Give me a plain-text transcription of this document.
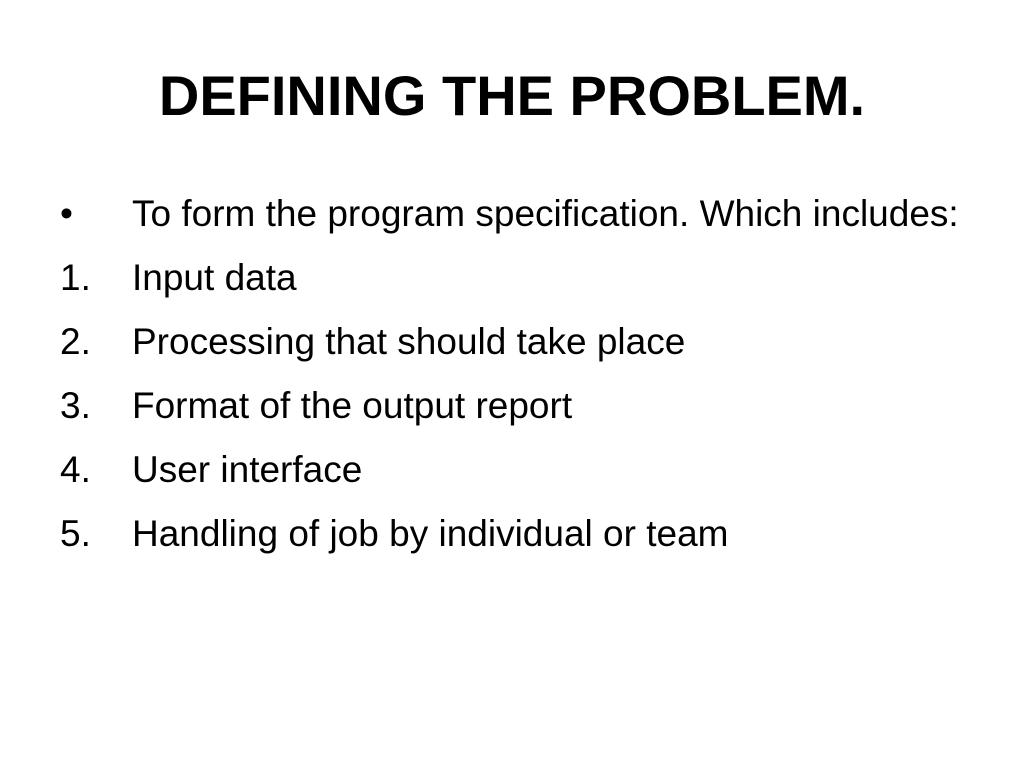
DEFINING THE PROBLEM.
•	To form the program specification. Which includes:
1.	Input data
2.	Processing that should take place
3.	Format of the output report
4.	User interface
5.	Handling of job by individual or team
